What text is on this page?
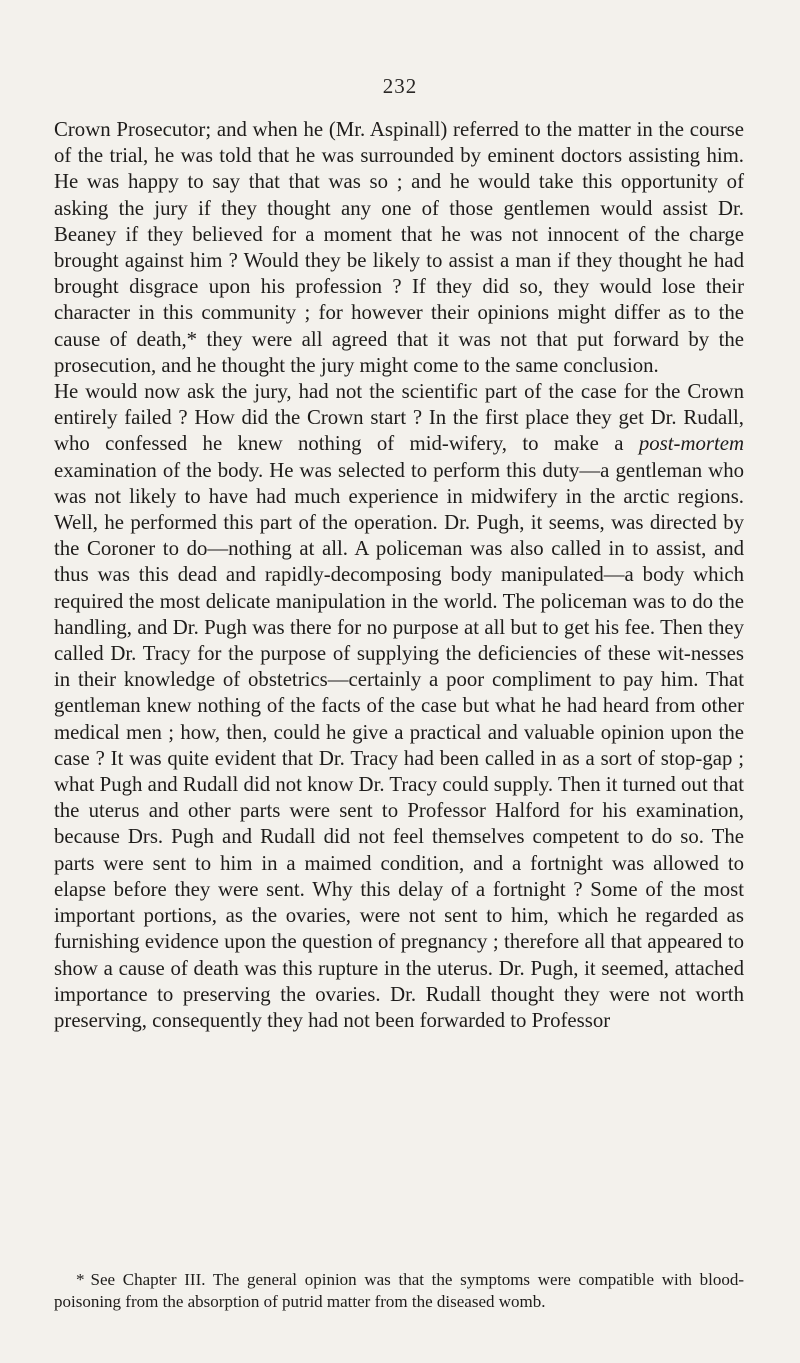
232

Crown Prosecutor; and when he (Mr. Aspinall) referred to the matter in the course of the trial, he was told that he was surrounded by eminent doctors assisting him. He was happy to say that that was so ; and he would take this opportunity of asking the jury if they thought any one of those gentlemen would assist Dr. Beaney if they believed for a moment that he was not innocent of the charge brought against him ? Would they be likely to assist a man if they thought he had brought disgrace upon his profession ? If they did so, they would lose their character in this community ; for however their opinions might differ as to the cause of death,* they were all agreed that it was not that put forward by the prosecution, and he thought the jury might come to the same conclusion.

He would now ask the jury, had not the scientific part of the case for the Crown entirely failed ? How did the Crown start ? In the first place they get Dr. Rudall, who confessed he knew nothing of mid-wifery, to make a post-mortem examination of the body. He was selected to perform this duty—a gentleman who was not likely to have had much experience in midwifery in the arctic regions. Well, he performed this part of the operation. Dr. Pugh, it seems, was directed by the Coroner to do—nothing at all. A policeman was also called in to assist, and thus was this dead and rapidly-decomposing body manipulated—a body which required the most delicate manipulation in the world. The policeman was to do the handling, and Dr. Pugh was there for no purpose at all but to get his fee. Then they called Dr. Tracy for the purpose of supplying the deficiencies of these wit-nesses in their knowledge of obstetrics—certainly a poor compliment to pay him. That gentleman knew nothing of the facts of the case but what he had heard from other medical men ; how, then, could he give a practical and valuable opinion upon the case ? It was quite evident that Dr. Tracy had been called in as a sort of stop-gap ; what Pugh and Rudall did not know Dr. Tracy could supply. Then it turned out that the uterus and other parts were sent to Professor Halford for his examination, because Drs. Pugh and Rudall did not feel themselves competent to do so. The parts were sent to him in a maimed condition, and a fortnight was allowed to elapse before they were sent. Why this delay of a fortnight ? Some of the most important portions, as the ovaries, were not sent to him, which he regarded as furnishing evidence upon the question of pregnancy ; therefore all that appeared to show a cause of death was this rupture in the uterus. Dr. Pugh, it seemed, attached importance to preserving the ovaries. Dr. Rudall thought they were not worth preserving, consequently they had not been forwarded to Professor

* See Chapter III. The general opinion was that the symptoms were compatible with blood-poisoning from the absorption of putrid matter from the diseased womb.
